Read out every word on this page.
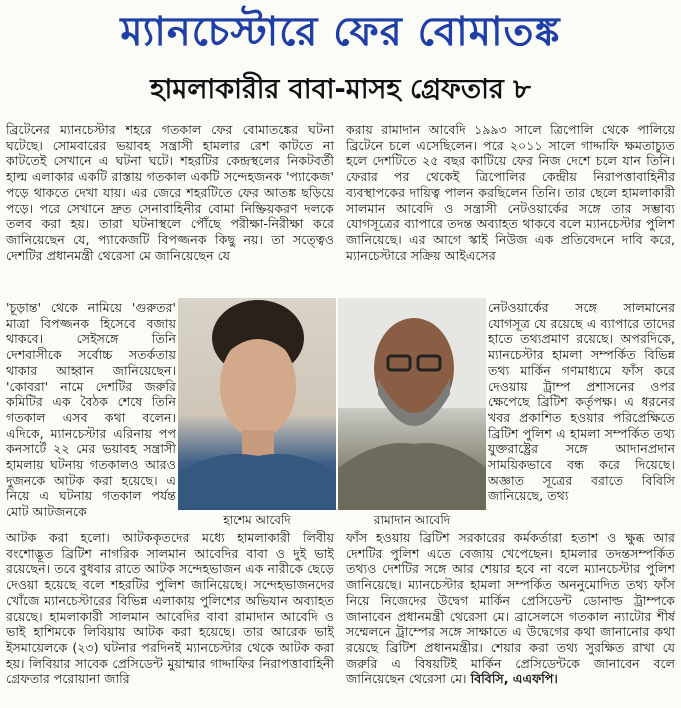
ম্যানচেস্টারে ফের বোমাতঙ্ক
হামলাকারীর বাবা-মাসহ গ্রেফতার ৮

ব্রিটেনের ম্যানচেস্টার শহরে গতকাল ফের বোমাতঙ্কের ঘটনা ঘটেছে। সোমবারের ভয়াবহ সন্ত্রাসী হামলার রেশ কাটতে না কাটতেই সেখানে এ ঘটনা ঘটে। শহরটির কেন্দ্রস্থলের নিকটবর্তী হাল্ম এলাকার একটি রাস্তায় গতকাল একটি সন্দেহজনক 'প্যাকেজ' পড়ে থাকতে দেখা যায়। এর জেরে শহরটিতে ফের আতঙ্ক ছড়িয়ে পড়ে। পরে সেখানে দ্রুত সেনাবাহিনীর বোমা নিষ্ক্রিয়করণ দলকে তলব করা হয়। তারা ঘটনাস্থলে পৌঁছে পরীক্ষা-নিরীক্ষা করে জানিয়েছেন যে, প্যাকেজটি বিপজ্জনক কিছু নয়। তা সত্ত্বেও দেশটির প্রধানমন্ত্রী থেরেসা মে জানিয়েছেন যে

করায় রামাদান আবেদি ১৯৯৩ সালে ত্রিপোলি থেকে পালিয়ে ব্রিটেনে চলে এসেছিলেন। পরে ২০১১ সালে গাদ্দাফি ক্ষমতাচ্যুত হলে দেশটিতে ২৫ বছর কাটিয়ে ফের নিজ দেশে চলে যান তিনি। ফেরার পর থেকেই ত্রিপোলির কেন্দ্রীয় নিরাপত্তাবাহিনীর ব্যবস্থাপকের দায়িত্ব পালন করছিলেন তিনি। তার ছেলে হামলাকারী সালমান আবেদি ও সন্ত্রাসী নেটওয়ার্কের সঙ্গে তার সম্ভাব্য যোগসূত্রের ব্যাপারে তদন্ত অব্যাহত থাকবে বলে ম্যানচেস্টার পুলিশ জানিয়েছে। এর আগে স্কাই নিউজ এক প্রতিবেদনে দাবি করে, ম্যানচেস্টারে সক্রিয় আইএসের

'চূড়ান্ত' থেকে নামিয়ে 'গুরুতর' মাত্রা বিপজ্জনক হিসেবে বজায় থাকবে। সেইসঙ্গে তিনি দেশবাসীকে সর্বোচ্চ সতর্কতায় থাকার আহ্বান জানিয়েছেন। 'কোবরা' নামে দেশটির জরুরি কমিটির এক বৈঠক শেষে তিনি গতকাল এসব কথা বলেন। এদিকে, ম্যানচেস্টার এরিনায় পপ কনসার্টে ২২ মের ভয়াবহ সন্ত্রাসী হামলায় ঘটনায় গতকালও আরও দুজনকে আটক করা হয়েছে। এ নিয়ে এ ঘটনায় গতকাল পর্যন্ত মোট আটজনকে

হাশেম আবেদি	রামাদান আবেদি

নেটওয়ার্কের সঙ্গে সালমানের যোগসূত্র যে রয়েছে এ ব্যাপারে তাদের হাতে তথ্যপ্রমাণ রয়েছে। অপরদিকে, ম্যানচেস্টার হামলা সম্পর্কিত বিভিন্ন তথ্য মার্কিন গণমাধ্যমে ফাঁস করে দেওয়ায় ট্রাম্প প্রশাসনের ওপর ক্ষেপেছে ব্রিটিশ কর্তৃপক্ষ। এ ধরনের খবর প্রকাশিত হওয়ার পরিপ্রেক্ষিতে ব্রিটিশ পুলিশ এ হামলা সম্পর্কিত তথ্য যুক্তরাষ্ট্রের সঙ্গে আদানপ্রদান সাময়িকভাবে বন্ধ করে দিয়েছে। অজ্ঞাত সূত্রের বরাতে বিবিসি জানিয়েছে, তথ্য

আটক করা হলো। আটককৃতদের মধ্যে হামলাকারী লিবীয় বংশোদ্ভূত ব্রিটিশ নাগরিক সালমান আবেদির বাবা ও দুই ভাই রয়েছেন। তবে বুধবার রাতে আটক সন্দেহভাজন এক নারীকে ছেড়ে দেওয়া হয়েছে বলে শহরটির পুলিশ জানিয়েছে। সন্দেহভাজনদের খোঁজে ম্যানচেস্টারের বিভিন্ন এলাকায় পুলিশের অভিযান অব্যাহত রয়েছে। হামলাকারী সালমান আবেদির বাবা রামাদান আবেদি ও ভাই হাশিমকে লিবিয়ায় আটক করা হয়েছে। তার আরেক ভাই ইসমায়েলকে (২৩) ঘটনার পরদিনই ম্যানচেস্টার থেকে আটক করা হয়। লিবিয়ার সাবেক প্রেসিডেন্ট মুয়াম্মার গাদ্দাফির নিরাপত্তাবাহিনী গ্রেফতার পরোয়ানা জারি

ফাঁস হওয়ায় ব্রিটিশ সরকারের কর্মকর্তারা হতাশ ও ক্ষুব্ধ আর দেশটির পুলিশ এতে বেজায় খেপেছেন। হামলার তদন্তসম্পর্কিত তথ্যও দেশটির সঙ্গে আর শেয়ার হবে না বলে ম্যানচেস্টার পুলিশ জানিয়েছে। ম্যানচেস্টার হামলা সম্পর্কিত অননুমোদিত তথ্য ফাঁস নিয়ে নিজেদের উদ্বেগ মার্কিন প্রেসিডেন্ট ডোনাল্ড ট্রাম্পকে জানাবেন প্রধানমন্ত্রী থেরেসা মে। ব্রাসেলসে গতকাল ন্যাটোর শীর্ষ সম্মেলনে ট্রাম্পের সঙ্গে সাক্ষাতে এ উদ্বেগের কথা জানানোর কথা রয়েছে ব্রিটিশ প্রধানমন্ত্রীর। শেয়ার করা তথ্য সুরক্ষিত রাখা যে জরুরি এ বিষয়টিই মার্কিন প্রেসিডেন্টকে জানাবেন বলে জানিয়েছেন থেরেসা মে। বিবিসি, এএফপি।
